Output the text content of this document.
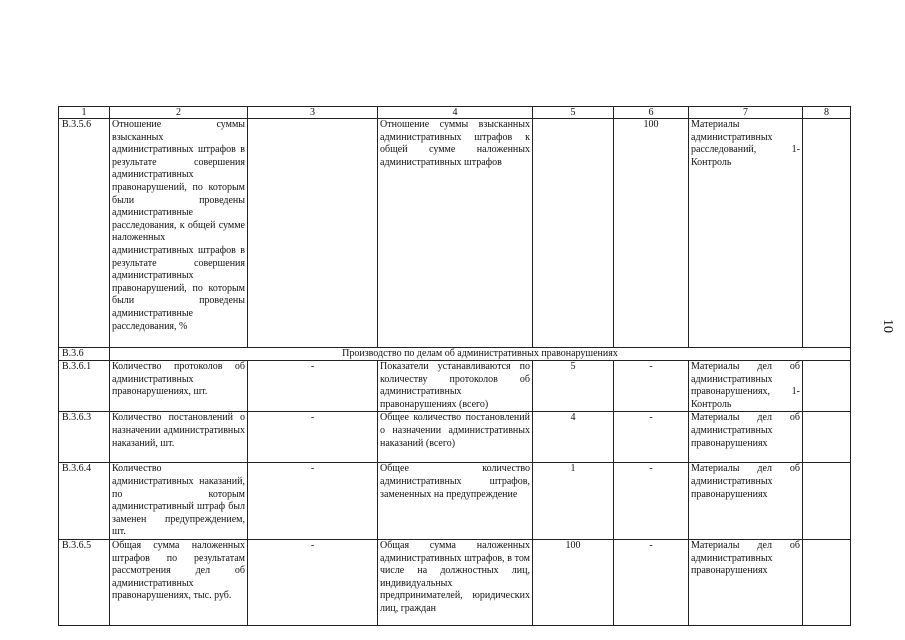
10
1	2	3	4	5	6	7	8
В.3.5.6	Отношение суммы взысканных административных штрафов в результате совершения административных правонарушений, по которым были проведены административные расследования, к общей сумме наложенных административных штрафов в результате совершения административных правонарушений, по которым были проведены административные расследования, %		Отношение суммы взысканных административных штрафов к общей сумме наложенных административных штрафов		100	Материалы административных расследований, 1-Контроль	
В.3.6	Производство по делам об административных правонарушениях						
В.3.6.1	Количество протоколов об административных правонарушениях, шт.	-	Показатели устанавливаются по количеству протоколов об административных правонарушениях (всего)	5	-	Материалы дел об административных правонарушениях, 1-Контроль	
В.3.6.3	Количество постановлений о назначении административных наказаний, шт.	-	Общее количество постановлений о назначении административных наказаний (всего)	4	-	Материалы дел об административных правонарушениях	
В.3.6.4	Количество административных наказаний, по которым административный штраф был заменен предупреждением, шт.	-	Общее количество административных штрафов, замененных на предупреждение	1	-	Материалы дел об административных правонарушениях	
В.3.6.5	Общая сумма наложенных штрафов по результатам рассмотрения дел об административных правонарушениях, тыс. руб.	-	Общая сумма наложенных административных штрафов, в том числе на должностных лиц, индивидуальных предпринимателей, юридических лиц, граждан	100	-	Материалы дел об административных правонарушениях	
